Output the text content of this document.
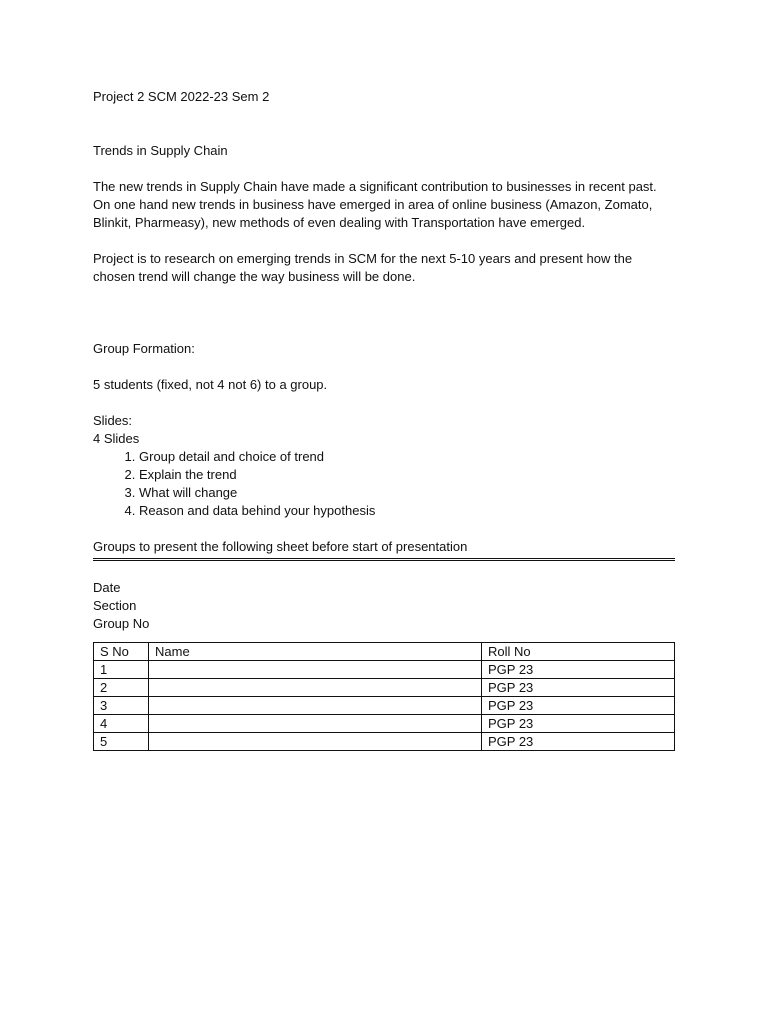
Project 2 SCM 2022-23 Sem 2

Trends in Supply Chain

The new trends in Supply Chain have made a significant contribution to businesses in recent past. On one hand new trends in business have emerged in area of online business (Amazon, Zomato, Blinkit, Pharmeasy), new methods of even dealing with Transportation have emerged.

Project is to research on emerging trends in SCM for the next 5-10 years and present how the chosen trend will change the way business will be done.

Group Formation:

5 students (fixed, not 4 not 6) to a group.

Slides:

4 Slides

1. Group detail and choice of trend
2. Explain the trend
3. What will change
4. Reason and data behind your hypothesis

Groups to present the following sheet before start of presentation

Date

Section

Group No

S No	Name	Roll No
1		PGP 23
2		PGP 23
3		PGP 23
4		PGP 23
5		PGP 23
